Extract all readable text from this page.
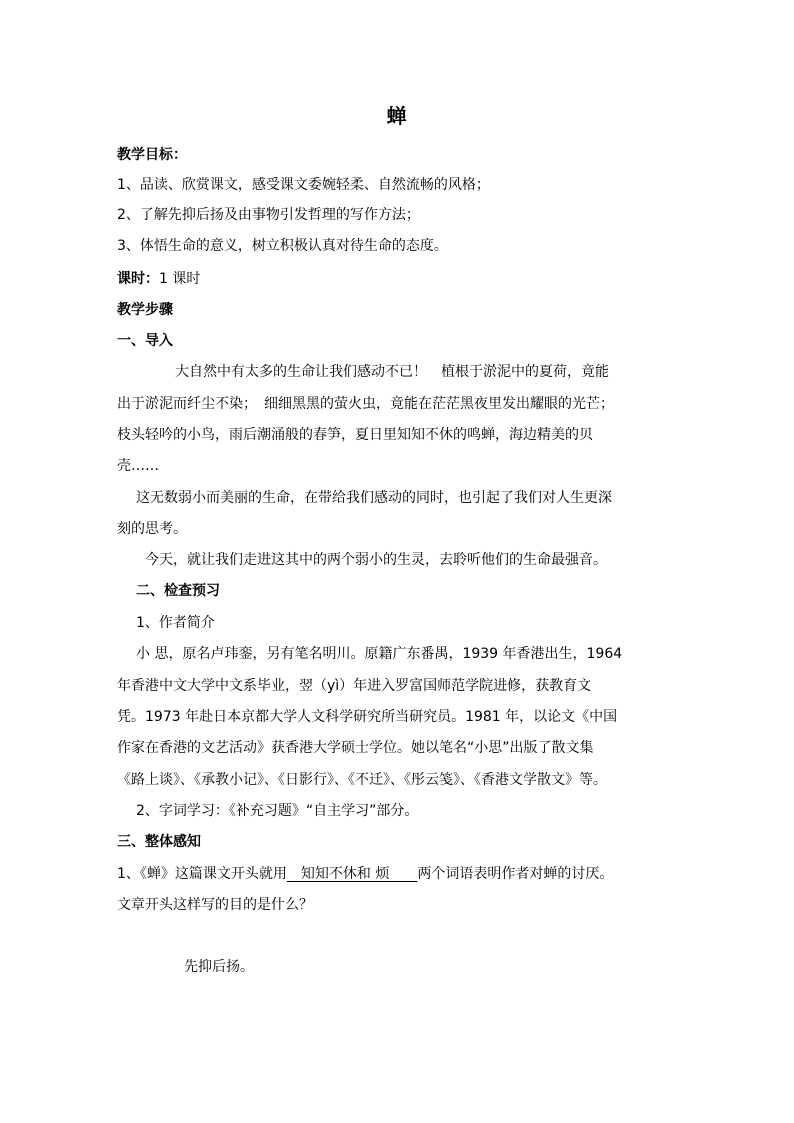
蝉
教学目标：
1、品读、欣赏课文，感受课文委婉轻柔、自然流畅的风格；
2、了解先抑后扬及由事物引发哲理的写作方法；
3、体悟生命的意义，树立积极认真对待生命的态度。
课时：1 课时
教学步骤
一、导入
大自然中有太多的生命让我们感动不已！　植根于淤泥中的夏荷，竟能
出于淤泥而纤尘不染；　细细黑黑的萤火虫，竟能在茫茫黑夜里发出耀眼的光芒；
枝头轻吟的小鸟，雨后潮涌般的春笋，夏日里知知不休的鸣蝉，海边精美的贝
壳……
这无数弱小而美丽的生命，在带给我们感动的同时，也引起了我们对人生更深
刻的思考。
今天，就让我们走进这其中的两个弱小的生灵，去聆听他们的生命最强音。
二、检查预习
1、作者简介
小 思，原名卢玮銮，另有笔名明川。原籍广东番禺，1939 年香港出生，1964
年香港中文大学中文系毕业，翌（yì）年进入罗富国师范学院进修，获教育文
凭。1973 年赴日本京都大学人文科学研究所当研究员。1981 年，以论文《中国
作家在香港的文艺活动》获香港大学硕士学位。她以笔名“小思”出版了散文集
《路上谈》、《承教小记》、《日影行》、《不迁》、《彤云笺》、《香港文学散文》等。
2、字词学习：《补充习题》“自主学习”部分。
三、整体感知
1、《蝉》这篇课文开头就用　知知不休和 烦　　两个词语表明作者对蝉的讨厌。
文章开头这样写的目的是什么？
先抑后扬。
